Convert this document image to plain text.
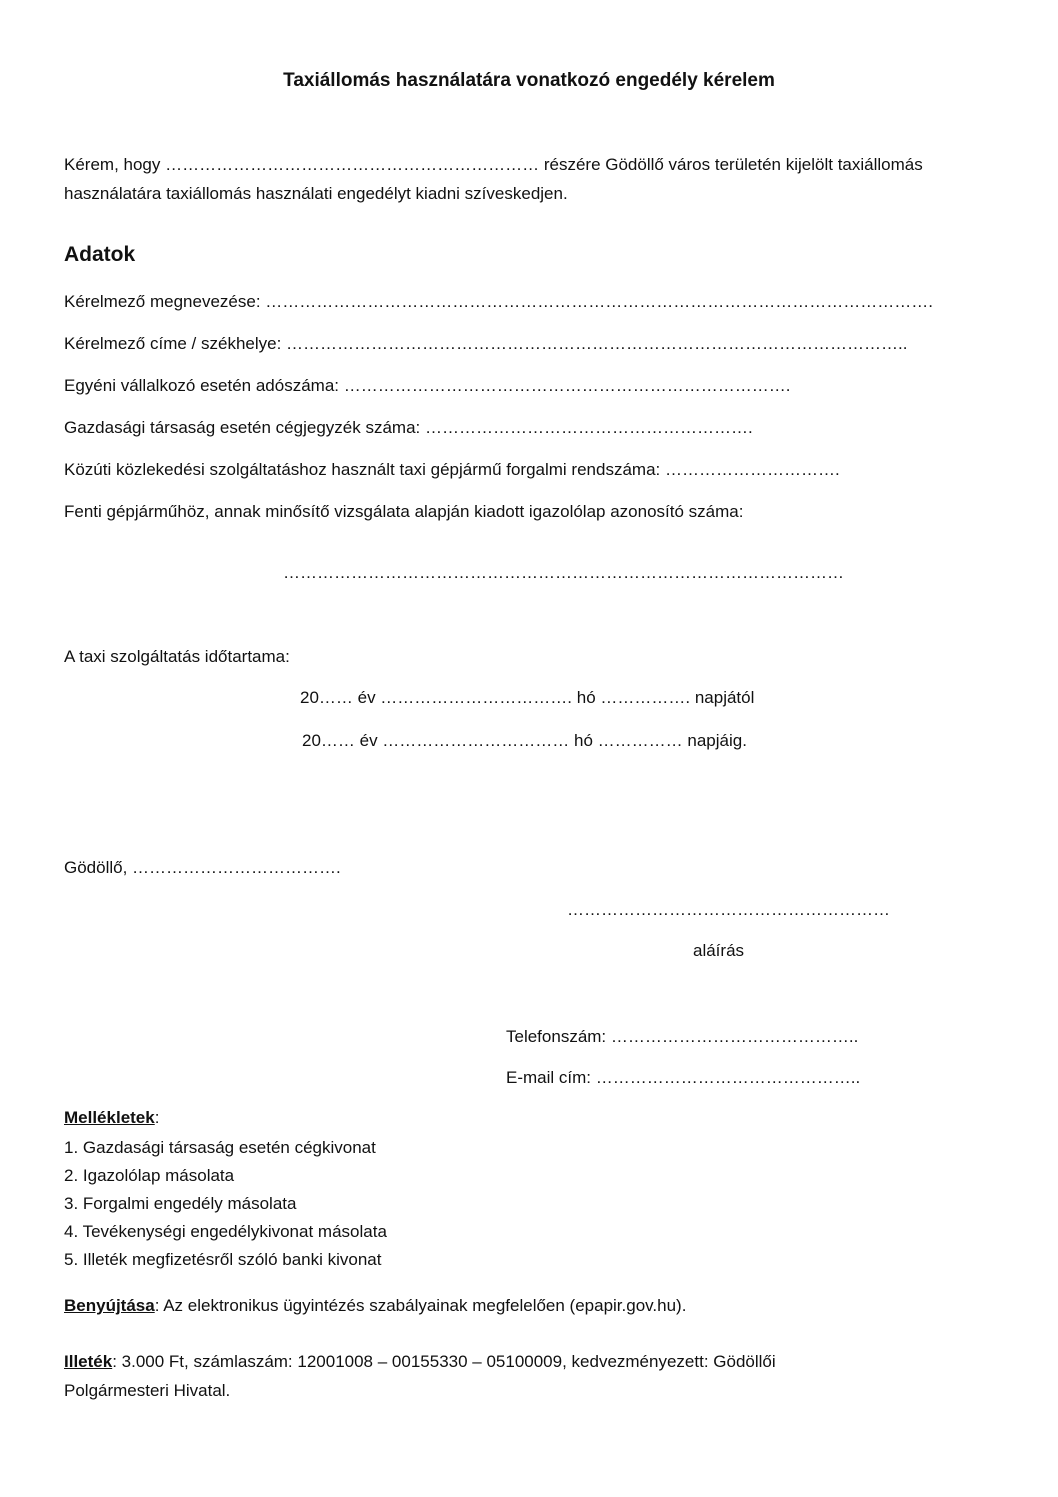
Taxiállomás használatára vonatkozó engedély kérelem
Kérem, hogy ………………………………………………………… részére Gödöllő város területén kijelölt taxiállomás
használatára taxiállomás használati engedélyt kiadni szíveskedjen.
Adatok
Kérelmező megnevezése: ……………………………………………………………………………………………………….
Kérelmező címe / székhelye: ………………………………………………………………………………………………..
Egyéni vállalkozó esetén adószáma: …………………………………………………………………….
Gazdasági társaság esetén cégjegyzék száma: ………………………………………………….
Közúti közlekedési szolgáltatáshoz használt taxi gépjármű forgalmi rendszáma: ………………………….
Fenti gépjárműhöz, annak minősítő vizsgálata alapján kiadott igazolólap azonosító száma:
………………………………………………………………………………………
A taxi szolgáltatás időtartama:
20…… év ……………………………. hó ……………. napjától
20…… év …………………………… hó …………… napjáig.
Gödöllő, ……………………………….
…………………………………………………
aláírás
Telefonszám: ……………………………………..
E-mail cím: ………………………………………..
Mellékletek:
1. Gazdasági társaság esetén cégkivonat
2. Igazolólap másolata
3. Forgalmi engedély másolata
4. Tevékenységi engedélykivonat másolata
5. Illeték megfizetésről szóló banki kivonat
Benyújtása: Az elektronikus ügyintézés szabályainak megfelelően (epapir.gov.hu).
Illeték: 3.000 Ft, számlaszám: 12001008 – 00155330 – 05100009, kedvezményezett: Gödöllői
Polgármesteri Hivatal.
